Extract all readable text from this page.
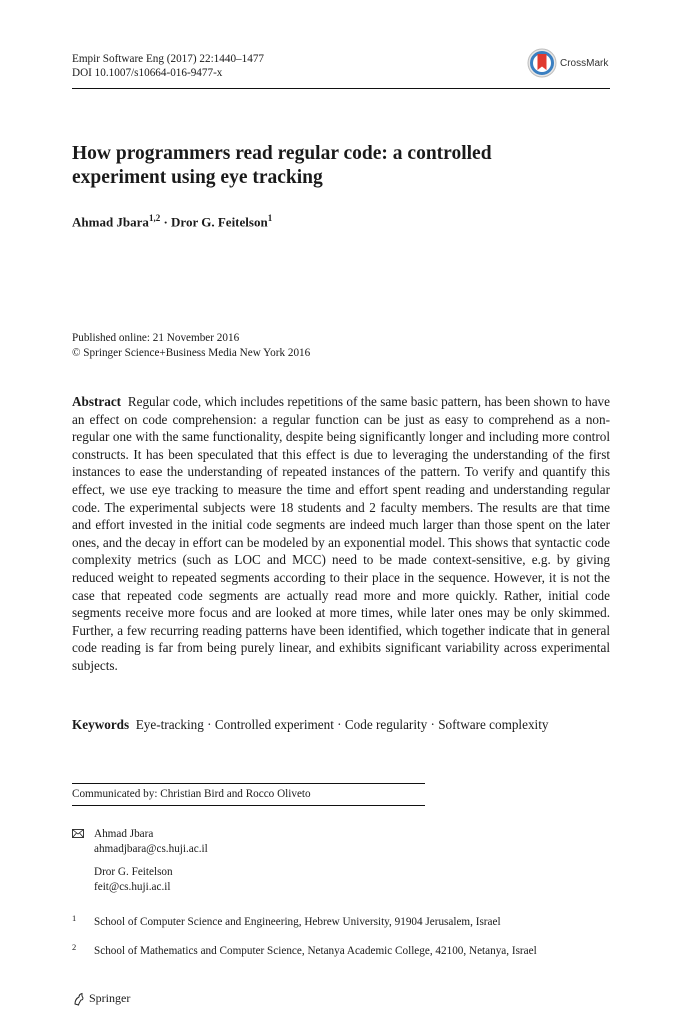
Empir Software Eng (2017) 22:1440–1477
DOI 10.1007/s10664-016-9477-x
CrossMark
How programmers read regular code: a controlled
experiment using eye tracking
Ahmad Jbara$^{1,2}$ · Dror G. Feitelson$^1$
Published online: 21 November 2016
© Springer Science+Business Media New York 2016
Abstract Regular code, which includes repetitions of the same basic pattern, has been shown to have an effect on code comprehension: a regular function can be just as easy to comprehend as a non-regular one with the same functionality, despite being significantly longer and including more control constructs. It has been speculated that this effect is due to leveraging the understanding of the first instances to ease the understanding of repeated instances of the pattern. To verify and quantify this effect, we use eye tracking to measure the time and effort spent reading and understanding regular code. The experimental subjects were 18 students and 2 faculty members. The results are that time and effort invested in the initial code segments are indeed much larger than those spent on the later ones, and the decay in effort can be modeled by an exponential model. This shows that syntactic code complexity metrics (such as LOC and MCC) need to be made context-sensitive, e.g. by giving reduced weight to repeated segments according to their place in the sequence. However, it is not the case that repeated code segments are actually read more and more quickly. Rather, initial code segments receive more focus and are looked at more times, while later ones may be only skimmed. Further, a few recurring reading patterns have been identified, which together indicate that in general code reading is far from being purely linear, and exhibits significant variability across experimental subjects.
Keywords Eye-tracking · Controlled experiment · Code regularity · Software complexity
Communicated by: Christian Bird and Rocco Oliveto
Ahmad Jbara
ahmadjbara@cs.huji.ac.il
Dror G. Feitelson
feit@cs.huji.ac.il
1 School of Computer Science and Engineering, Hebrew University, 91904 Jerusalem, Israel
2 School of Mathematics and Computer Science, Netanya Academic College, 42100, Netanya, Israel
Springer
